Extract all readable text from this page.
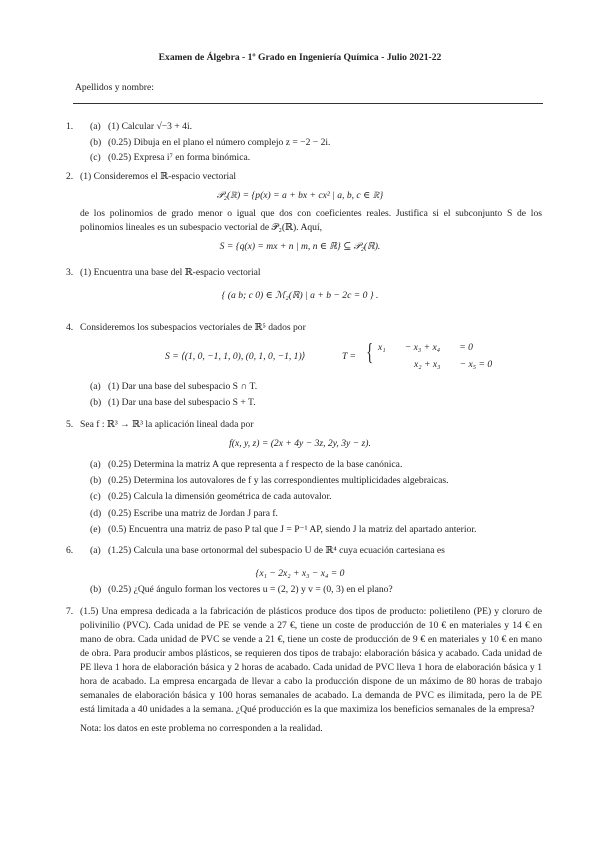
Examen de Álgebra - 1º Grado en Ingeniería Química - Julio 2021-22
Apellidos y nombre:
1. (a) (1) Calcular √−3 + 4i.
(b) (0.25) Dibuja en el plano el número complejo z = −2 − 2i.
(c) (0.25) Expresa i⁷ en forma binómica.
2. (1) Consideremos el ℝ-espacio vectorial
𝒫₂(ℝ) = {p(x) = a + bx + cx² | a, b, c ∈ ℝ}
de los polinomios de grado menor o igual que dos con coeficientes reales. Justifica si el subconjunto S de los polinomios lineales es un subespacio vectorial de 𝒫₂(ℝ). Aquí,
S = {q(x) = mx + n | m, n ∈ ℝ} ⊆ 𝒫₂(ℝ).
3. (1) Encuentra una base del ℝ-espacio vectorial
{ (a b; c 0) ∈ ℳ₂(ℝ) | a + b − 2c = 0 } .
4. Consideremos los subespacios vectoriales de ℝ⁵ dados por
S = ⟨(1, 0, −1, 1, 0), (0, 1, 0, −1, 1)⟩	T = { x₁        − x₃ + x₄        = 0
x₂ + x₃        − x₅ = 0
(a) (1) Dar una base del subespacio S ∩ T.
(b) (1) Dar una base del subespacio S + T.
5. Sea f : ℝ³ → ℝ³ la aplicación lineal dada por
f(x, y, z) = (2x + 4y − 3z, 2y, 3y − z).
(a) (0.25) Determina la matriz A que representa a f respecto de la base canónica.
(b) (0.25) Determina los autovalores de f y las correspondientes multiplicidades algebraicas.
(c) (0.25) Calcula la dimensión geométrica de cada autovalor.
(d) (0.25) Escribe una matriz de Jordan J para f.
(e) (0.5) Encuentra una matriz de paso P tal que J = P⁻¹ AP, siendo J la matriz del apartado anterior.
6. (a) (1.25) Calcula una base ortonormal del subespacio U de ℝ⁴ cuya ecuación cartesiana es
{x₁ − 2x₂ + x₃ − x₄ = 0
(b) (0.25) ¿Qué ángulo forman los vectores u = (2, 2) y v = (0, 3) en el plano?
7. (1.5) Una empresa dedicada a la fabricación de plásticos produce dos tipos de producto: polietileno (PE) y cloruro de polivinilio (PVC). Cada unidad de PE se vende a 27 €, tiene un coste de producción de 10 € en materiales y 14 € en mano de obra. Cada unidad de PVC se vende a 21 €, tiene un coste de producción de 9 € en materiales y 10 € en mano de obra. Para producir ambos plásticos, se requieren dos tipos de trabajo: elaboración básica y acabado. Cada unidad de PE lleva 1 hora de elaboración básica y 2 horas de acabado. Cada unidad de PVC lleva 1 hora de elaboración básica y 1 hora de acabado. La empresa encargada de llevar a cabo la producción dispone de un máximo de 80 horas de trabajo semanales de elaboración básica y 100 horas semanales de acabado. La demanda de PVC es ilimitada, pero la de PE está limitada a 40 unidades a la semana. ¿Qué producción es la que maximiza los beneficios semanales de la empresa?
Nota: los datos en este problema no corresponden a la realidad.
